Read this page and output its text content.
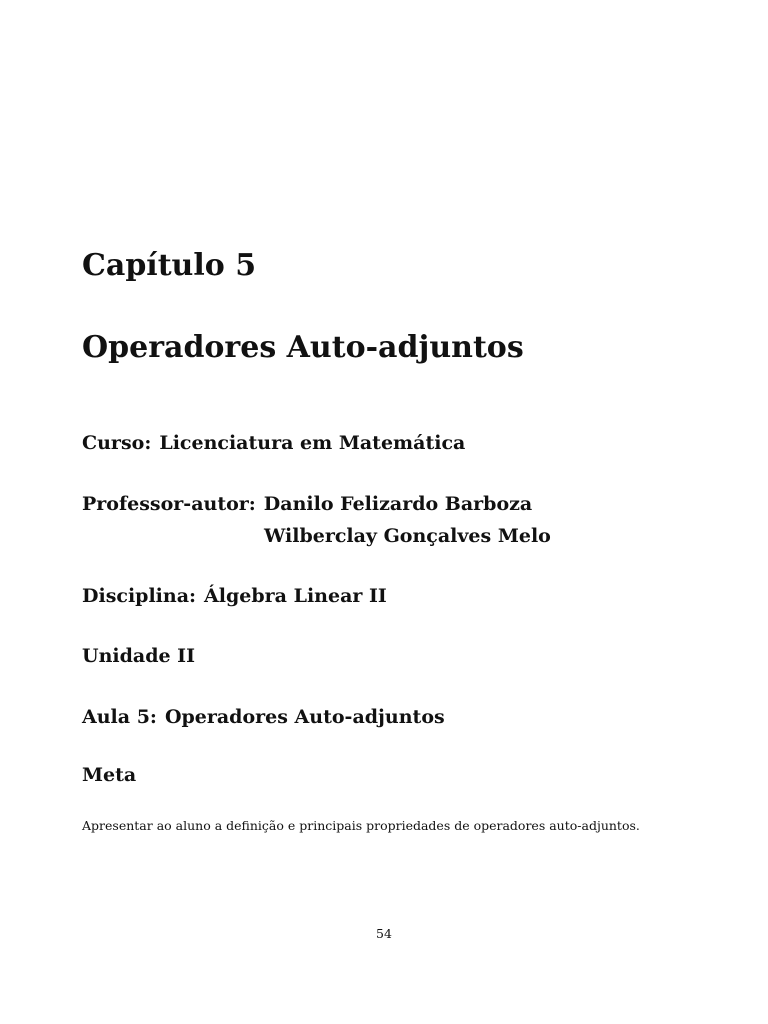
Capítulo 5
Operadores Auto-adjuntos
Curso: Licenciatura em Matemática
Professor-autor: Danilo Felizardo Barboza
Wilberclay Gonçalves Melo
Disciplina: Álgebra Linear II
Unidade II
Aula 5: Operadores Auto-adjuntos
Meta
Apresentar ao aluno a definição e principais propriedades de operadores auto-adjuntos.
54
